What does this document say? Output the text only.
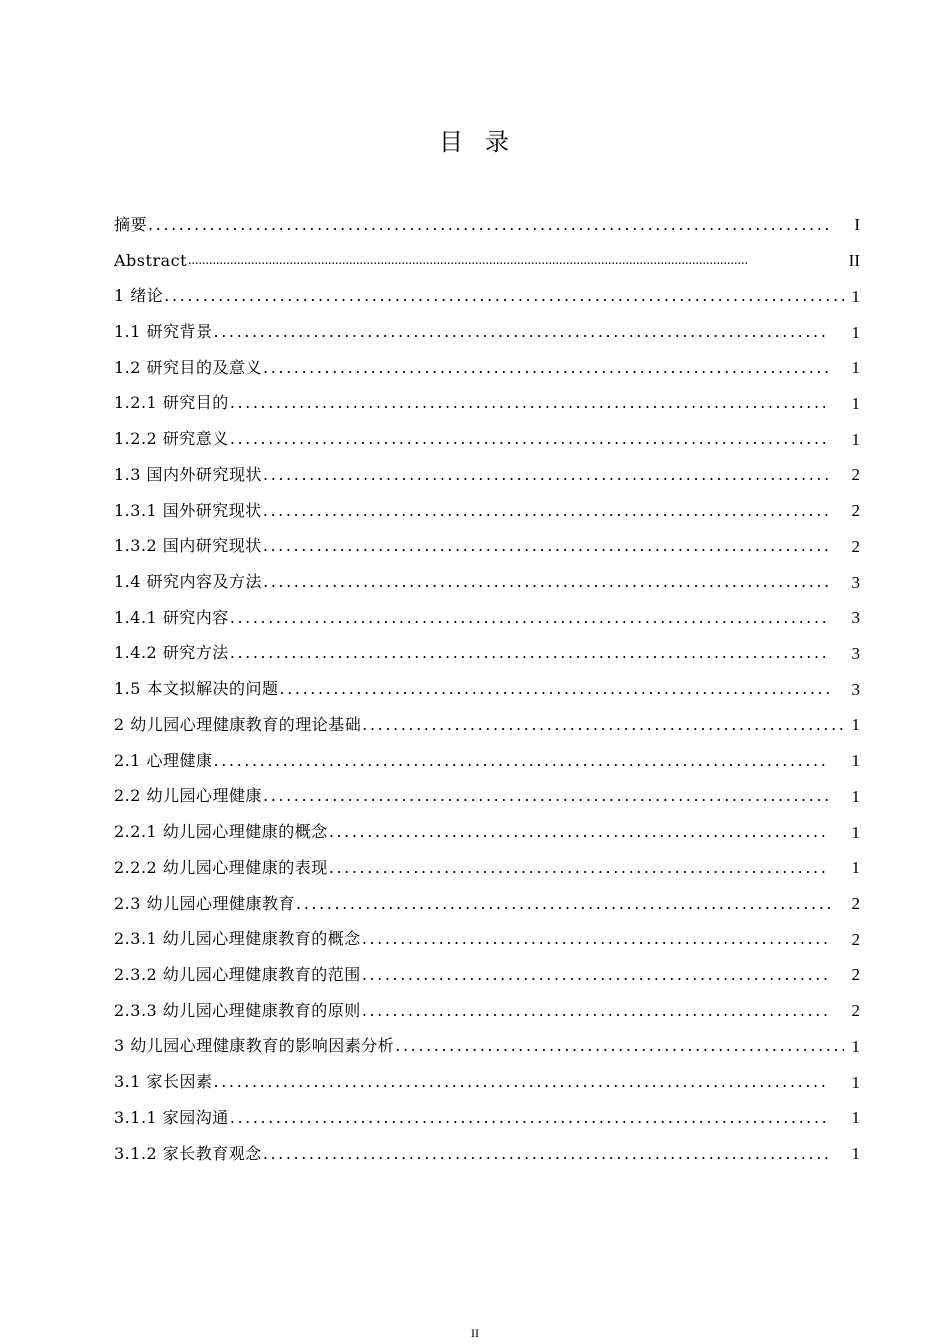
目 录
摘要 .....	I
Abstract .....	II
1 绪论 .....	1
1.1 研究背景 .....	1
1.2 研究目的及意义 .....	1
1.2.1 研究目的 .....	1
1.2.2 研究意义 .....	1
1.3 国内外研究现状 .....	2
1.3.1 国外研究现状 .....	2
1.3.2 国内研究现状 .....	2
1.4 研究内容及方法 .....	3
1.4.1 研究内容 .....	3
1.4.2 研究方法 .....	3
1.5 本文拟解决的问题 .....	3
2 幼儿园心理健康教育的理论基础 .....	1
2.1 心理健康 .....	1
2.2 幼儿园心理健康 .....	1
2.2.1 幼儿园心理健康的概念 .....	1
2.2.2 幼儿园心理健康的表现 .....	1
2.3 幼儿园心理健康教育 .....	2
2.3.1 幼儿园心理健康教育的概念 .....	2
2.3.2 幼儿园心理健康教育的范围 .....	2
2.3.3 幼儿园心理健康教育的原则 .....	2
3 幼儿园心理健康教育的影响因素分析 .....	1
3.1 家长因素 .....	1
3.1.1 家园沟通 .....	1
3.1.2 家长教育观念 .....	1
II
